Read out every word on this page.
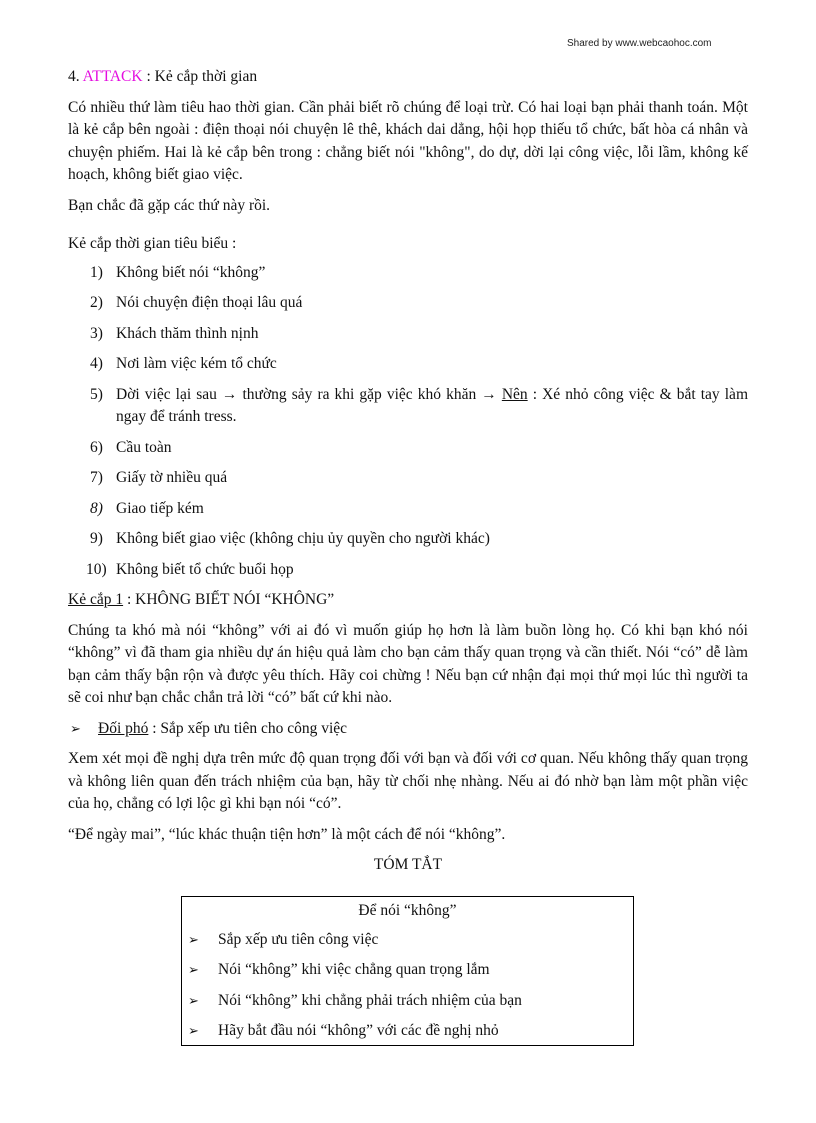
Shared by www.webcaohoc.com

4. ATTACK : Kẻ cắp thời gian

Có nhiều thứ làm tiêu hao thời gian. Cần phải biết rõ chúng để loại trừ. Có hai loại bạn phải thanh toán. Một là kẻ cắp bên ngoài : điện thoại nói chuyện lê thê, khách dai dẳng, hội họp thiếu tổ chức, bất hòa cá nhân và chuyện phiếm. Hai là kẻ cắp bên trong : chẳng biết nói "không", do dự, dời lại công việc, lỗi lầm, không kế hoạch, không biết giao việc.

Bạn chắc đã gặp các thứ này rồi.

Kẻ cắp thời gian tiêu biểu :

1) Không biết nói “không”
2) Nói chuyện điện thoại lâu quá
3) Khách thăm thình nịnh
4) Nơi làm việc kém tổ chức
5) Dời việc lại sau → thường sảy ra khi gặp việc khó khăn → Nên : Xé nhỏ công việc & bắt tay làm ngay để tránh tress.
6) Cầu toàn
7) Giấy tờ nhiều quá
8) Giao tiếp kém
9) Không biết giao việc (không chịu ủy quyền cho người khác)
10) Không biết tổ chức buổi họp

Kẻ cắp 1 : KHÔNG BIẾT NÓI “KHÔNG”

Chúng ta khó mà nói “không” với ai đó vì muốn giúp họ hơn là làm buồn lòng họ. Có khi bạn khó nói “không” vì đã tham gia nhiều dự án hiệu quả làm cho bạn cảm thấy quan trọng và cần thiết. Nói “có” dễ làm bạn cảm thấy bận rộn và được yêu thích. Hãy coi chừng ! Nếu bạn cứ nhận đại mọi thứ mọi lúc thì người ta sẽ coi như bạn chắc chắn trả lời “có” bất cứ khi nào.

➢ Đối phó : Sắp xếp ưu tiên cho công việc

Xem xét mọi đề nghị dựa trên mức độ quan trọng đối với bạn và đối với cơ quan. Nếu không thấy quan trọng và không liên quan đến trách nhiệm của bạn, hãy từ chối nhẹ nhàng. Nếu ai đó nhờ bạn làm một phần việc của họ, chẳng có lợi lộc gì khi bạn nói “có”.

“Để ngày mai”, “lúc khác thuận tiện hơn” là một cách để nói “không”.

TÓM TẮT

Để nói “không”
➢ Sắp xếp ưu tiên công việc
➢ Nói “không” khi việc chẳng quan trọng lắm
➢ Nói “không” khi chẳng phải trách nhiệm của bạn
➢ Hãy bắt đầu nói “không” với các đề nghị nhỏ
